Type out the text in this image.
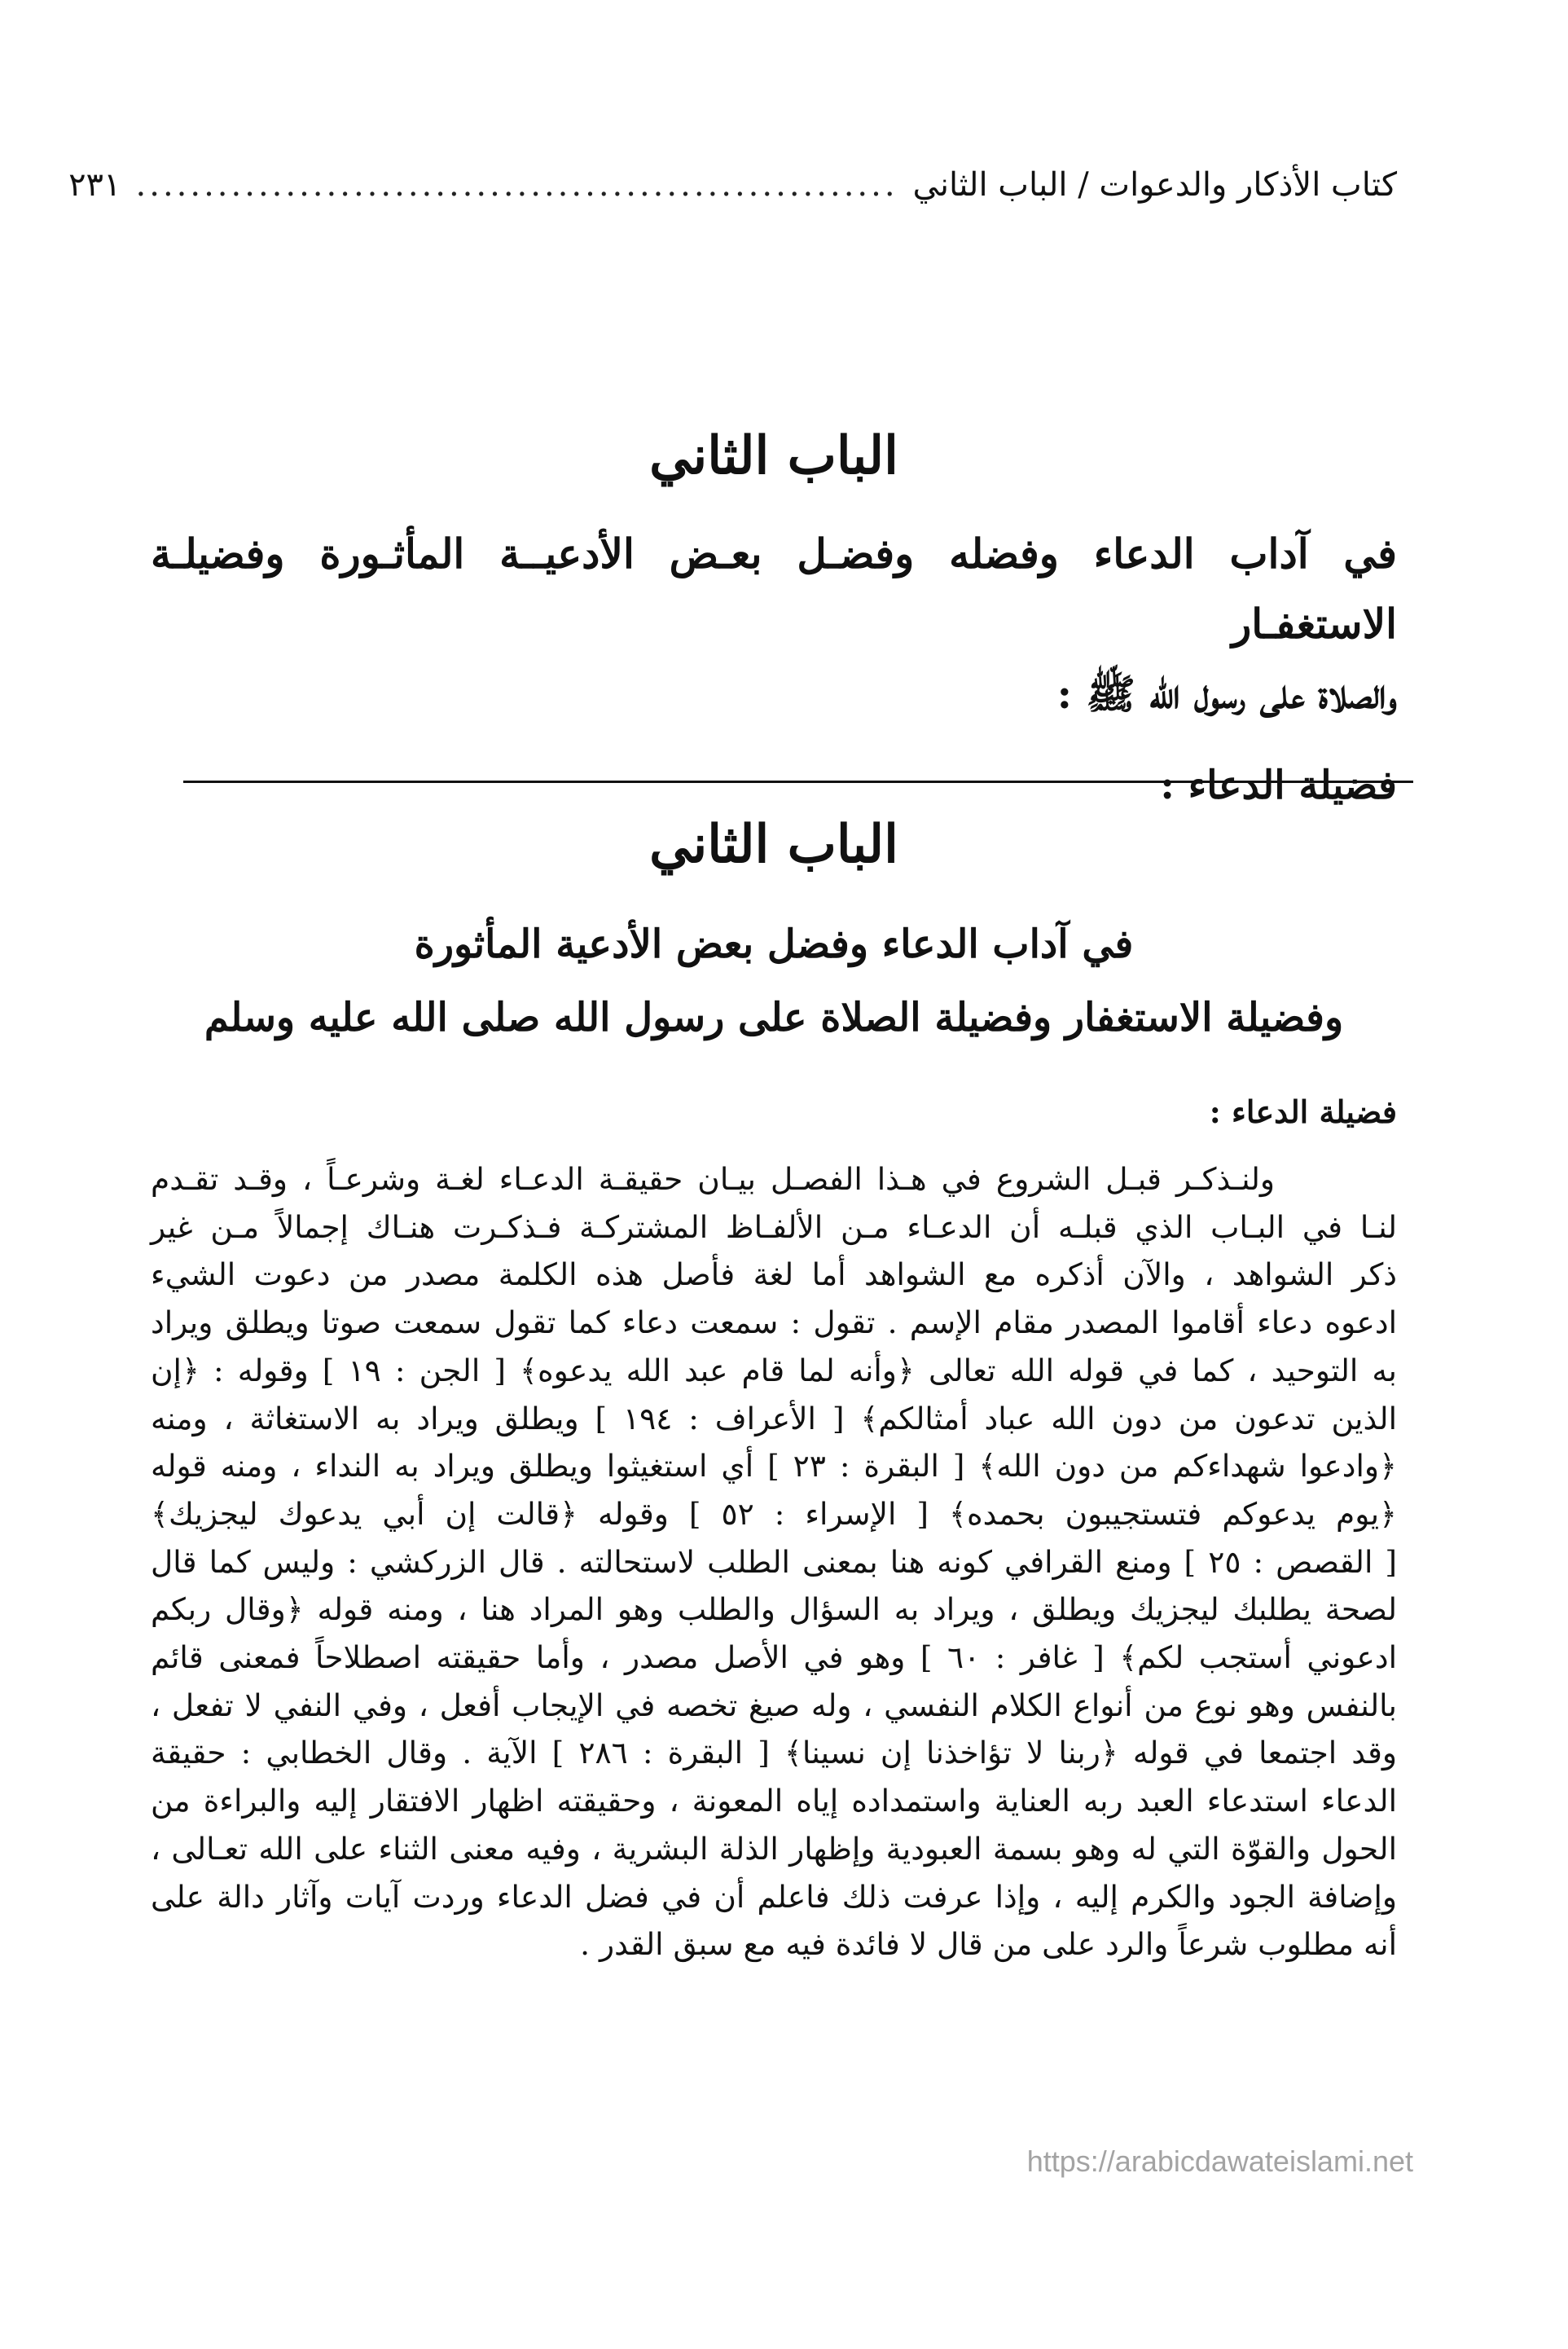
كتاب الأذكار والدعوات / الباب الثاني
........................................................
٢٣١
الباب الثاني
في آداب الدعاء وفضله وفضـل بعـض الأدعيــة المأثـورة وفضيلـة الاستغفـار
والصلاة على رسول الله ﷺ :
فضيلة الدعاء :
الباب الثاني
في آداب الدعاء وفضل بعض الأدعية المأثورة
وفضيلة الاستغفار وفضيلة الصلاة على رسول الله صلى الله عليه وسلم
فضيلة الدعاء :
ولنـذكـر قبـل الشروع في هـذا الفصـل بيـان حقيقـة الدعـاء لغـة وشرعـاً ، وقـد تقـدم
لنـا في البـاب الذي قبلـه أن الدعـاء مـن الألفـاظ المشتركـة فـذكـرت هنـاك إجمالاً مـن غير
ذكر الشواهد ، والآن أذكره مع الشواهد أما لغة فأصل هذه الكلمة مصدر من دعوت الشيء
ادعوه دعاء أقاموا المصدر مقام الإسم . تقول : سمعت دعاء كما تقول سمعت صوتا ويطلق ويراد
به التوحيد ، كما في قوله الله تعالى ﴿وأنه لما قام عبد الله يدعوه﴾ [ الجن : ١٩ ] وقوله : ﴿إن
الذين تدعون من دون الله عباد أمثالكم﴾ [ الأعراف : ١٩٤ ] ويطلق ويراد به الاستغاثة ، ومنه
﴿وادعوا شهداءكم من دون الله﴾ [ البقرة : ٢٣ ] أي استغيثوا ويطلق ويراد به النداء ، ومنه قوله
﴿يوم يدعوكم فتستجيبون بحمده﴾ [ الإسراء : ٥٢ ] وقوله ﴿قالت إن أبي يدعوك ليجزيك﴾
[ القصص : ٢٥ ] ومنع القرافي كونه هنا بمعنى الطلب لاستحالته . قال الزركشي : وليس كما قال
لصحة يطلبك ليجزيك ويطلق ، ويراد به السؤال والطلب وهو المراد هنا ، ومنه قوله ﴿وقال ربكم
ادعوني أستجب لكم﴾ [ غافر : ٦٠ ] وهو في الأصل مصدر ، وأما حقيقته اصطلاحاً فمعنى قائم
بالنفس وهو نوع من أنواع الكلام النفسي ، وله صيغ تخصه في الإيجاب أفعل ، وفي النفي لا تفعل ،
وقد اجتمعا في قوله ﴿ربنا لا تؤاخذنا إن نسينا﴾ [ البقرة : ٢٨٦ ] الآية . وقال الخطابي : حقيقة
الدعاء استدعاء العبد ربه العناية واستمداده إياه المعونة ، وحقيقته اظهار الافتقار إليه والبراءة من
الحول والقوّة التي له وهو بسمة العبودية وإظهار الذلة البشرية ، وفيه معنى الثناء على الله تعـالى ،
وإضافة الجود والكرم إليه ، وإذا عرفت ذلك فاعلم أن في فضل الدعاء وردت آيات وآثار دالة على
أنه مطلوب شرعاً والرد على من قال لا فائدة فيه مع سبق القدر .

https://arabicdawateislami.net
